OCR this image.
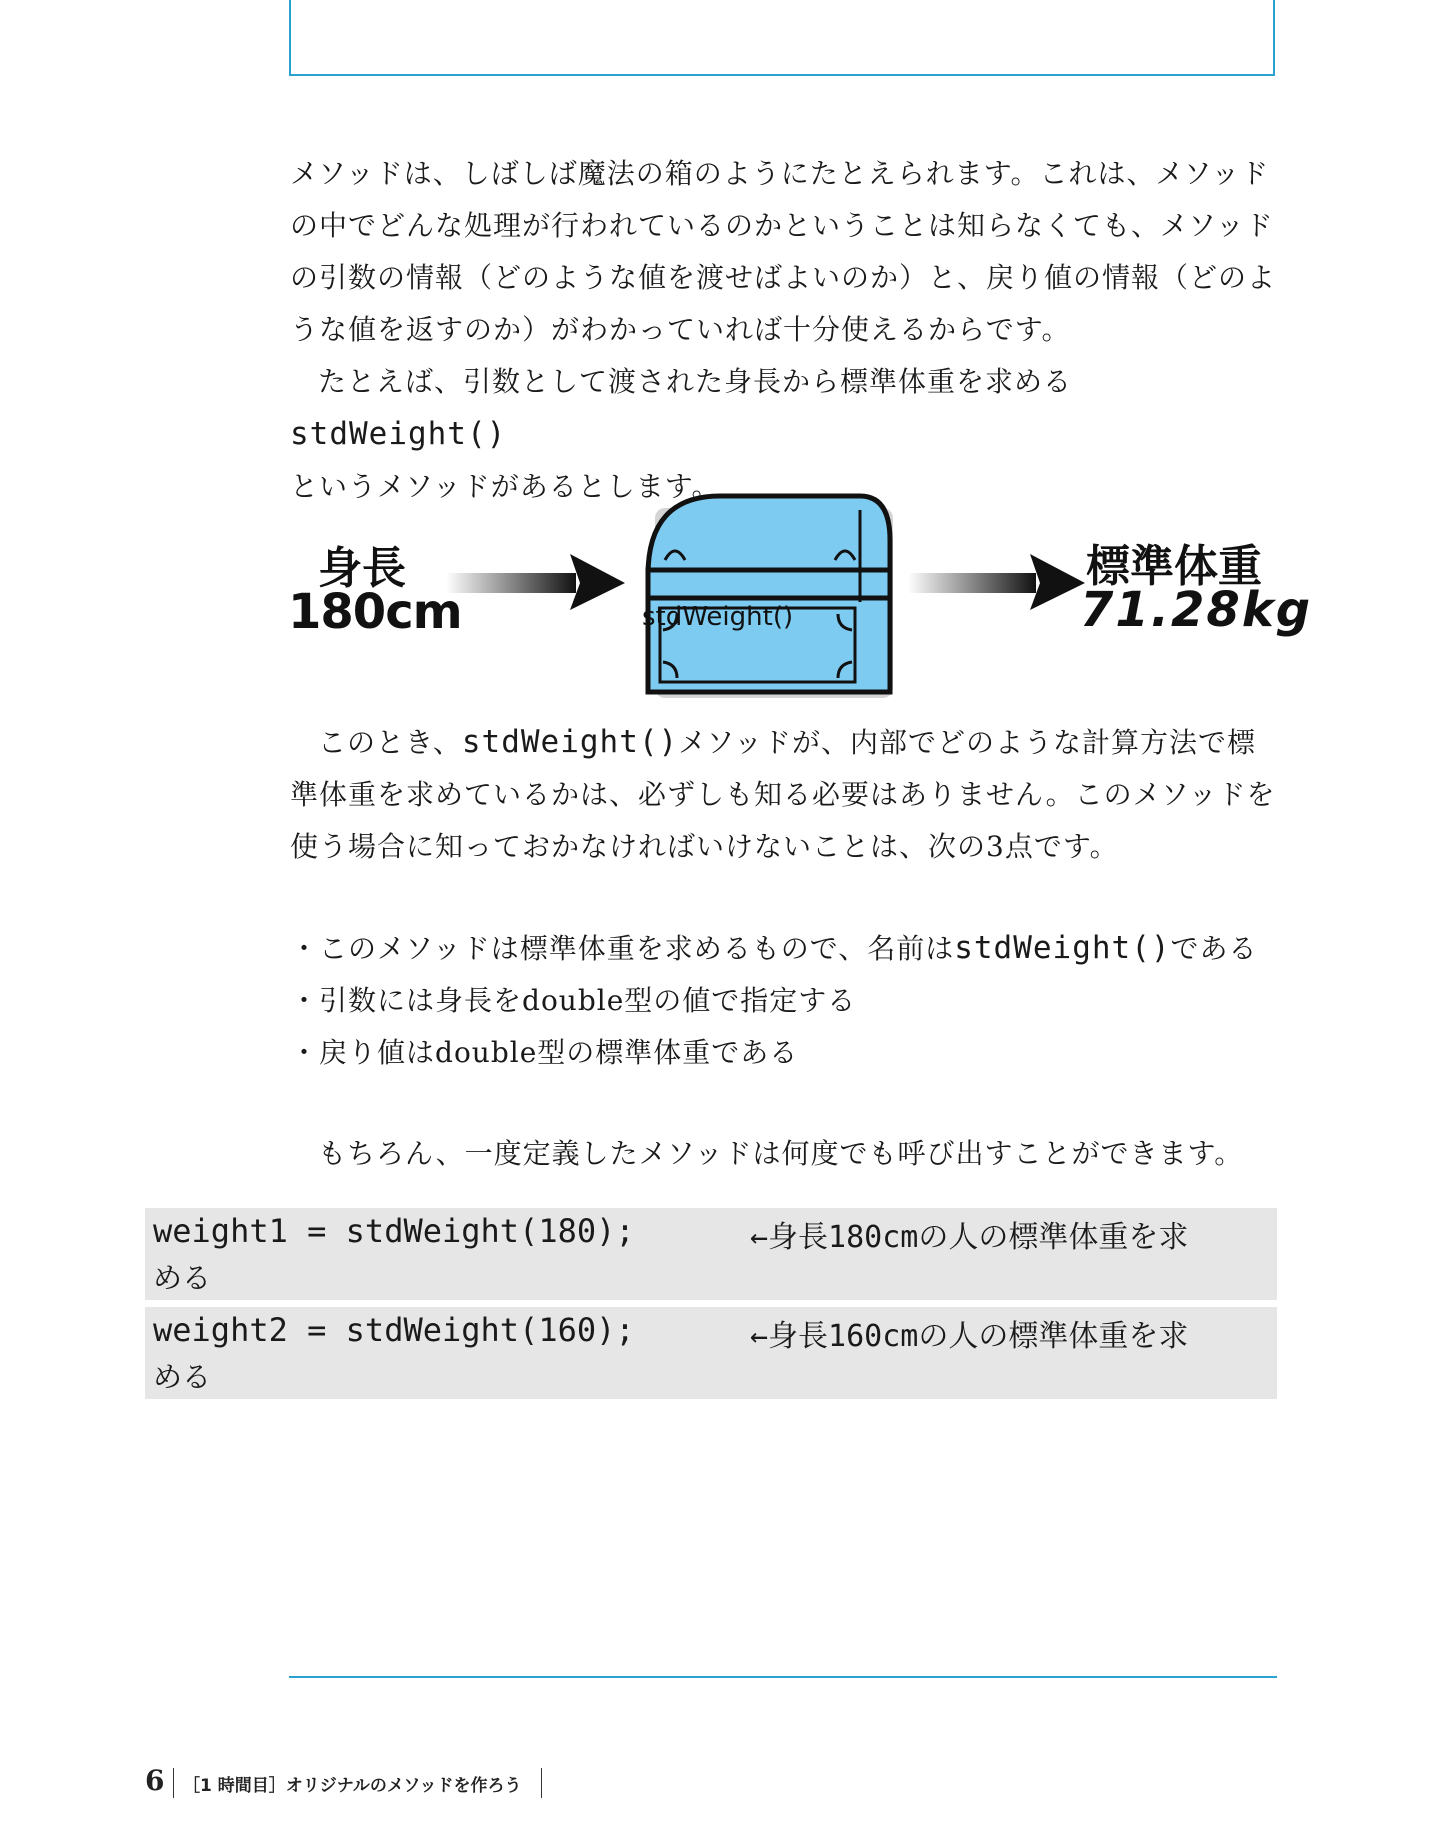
メソッドは、しばしば魔法の箱のようにたとえられます。これは、メソッドの中でどんな処理が行われているのかということは知らなくても、メソッドの引数の情報（どのような値を渡せばよいのか）と、戻り値の情報（どのような値を返すのか）がわかっていれば十分使えるからです。
たとえば、引数として渡された身長から標準体重を求めるstdWeight()
というメソッドがあるとします。

身長
180cm	stdWeight()
標準体重
71.28kg

このとき、stdWeight()メソッドが、内部でどのような計算方法で標準体重を求めているかは、必ずしも知る必要はありません。このメソッドを使う場合に知っておかなければいけないことは、次の3点です。

・ このメソッドは標準体重を求めるもので、名前はstdWeight()である
・ 引数には身長をdouble型の値で指定する
・ 戻り値はdouble型の標準体重である

もちろん、一度定義したメソッドは何度でも呼び出すことができます。

weight1 = stdWeight(180);	←身長180cmの人の標準体重を求
める
weight2 = stdWeight(160);	←身長160cmの人の標準体重を求
める
6 ［1 時間目］オリジナルのメソッドを作ろう
